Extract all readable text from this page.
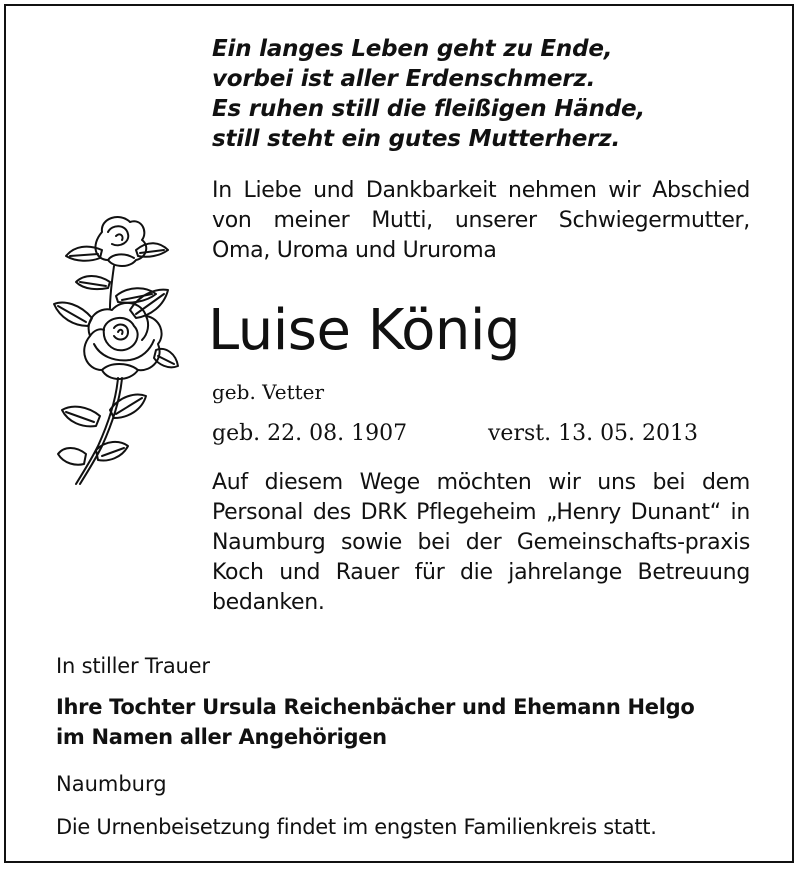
Ein langes Leben geht zu Ende,
vorbei ist aller Erdenschmerz.
Es ruhen still die fleißigen Hände,
still steht ein gutes Mutterherz.
In Liebe und Dankbarkeit nehmen wir Abschied von meiner Mutti, unserer Schwiegermutter, Oma, Uroma und Ururoma
Luise König
geb. Vetter
geb. 22. 08. 1907	verst. 13. 05. 2013
Auf diesem Wege möchten wir uns bei dem Personal des DRK Pflegeheim „Henry Dunant“ in Naumburg sowie bei der Gemeinschafts-praxis Koch und Rauer für die jahrelange Betreuung bedanken.
In stiller Trauer
Ihre Tochter Ursula Reichenbächer und Ehemann Helgo
im Namen aller Angehörigen
Naumburg
Die Urnenbeisetzung findet im engsten Familienkreis statt.
